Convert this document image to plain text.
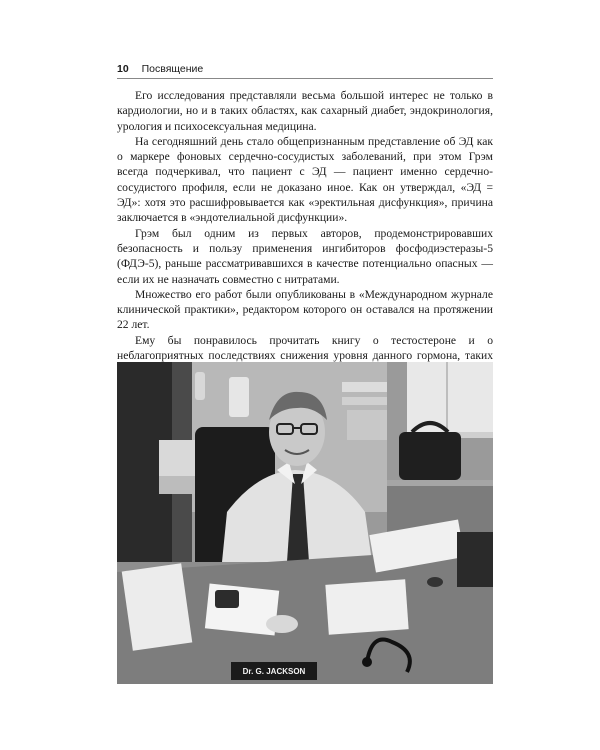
10 Посвящение

Его исследования представляли весьма большой интерес не только в кардиологии, но и в таких областях, как сахарный диабет, эндокринология, урология и психосексуальная медицина.

На сегодняшний день стало общепризнанным представление об ЭД как о маркере фоновых сердечно-сосудистых заболеваний, при этом Грэм всегда подчеркивал, что пациент с ЭД — пациент именно сердечно-сосудистого профиля, если не доказано иное. Как он утверждал, «ЭД = ЭД»: хотя это расшифровывается как «эректильная дисфункция», причина заключается в «эндотелиальной дисфункции».

Грэм был одним из первых авторов, продемонстрировавших безопасность и пользу применения ингибиторов фосфодиэстеразы-5 (ФДЭ-5), раньше рассматривавшихся в качестве потенциально опасных — если их не назначать совместно с нитратами.

Множество его работ были опубликованы в «Международном журнале клинической практики», редактором которого он оставался на протяжении 22 лет.

Ему бы понравилось прочитать книгу о тестостероне и о неблагоприятных последствиях снижения уровня данного гормона, таких

Dr. G. JACKSON
